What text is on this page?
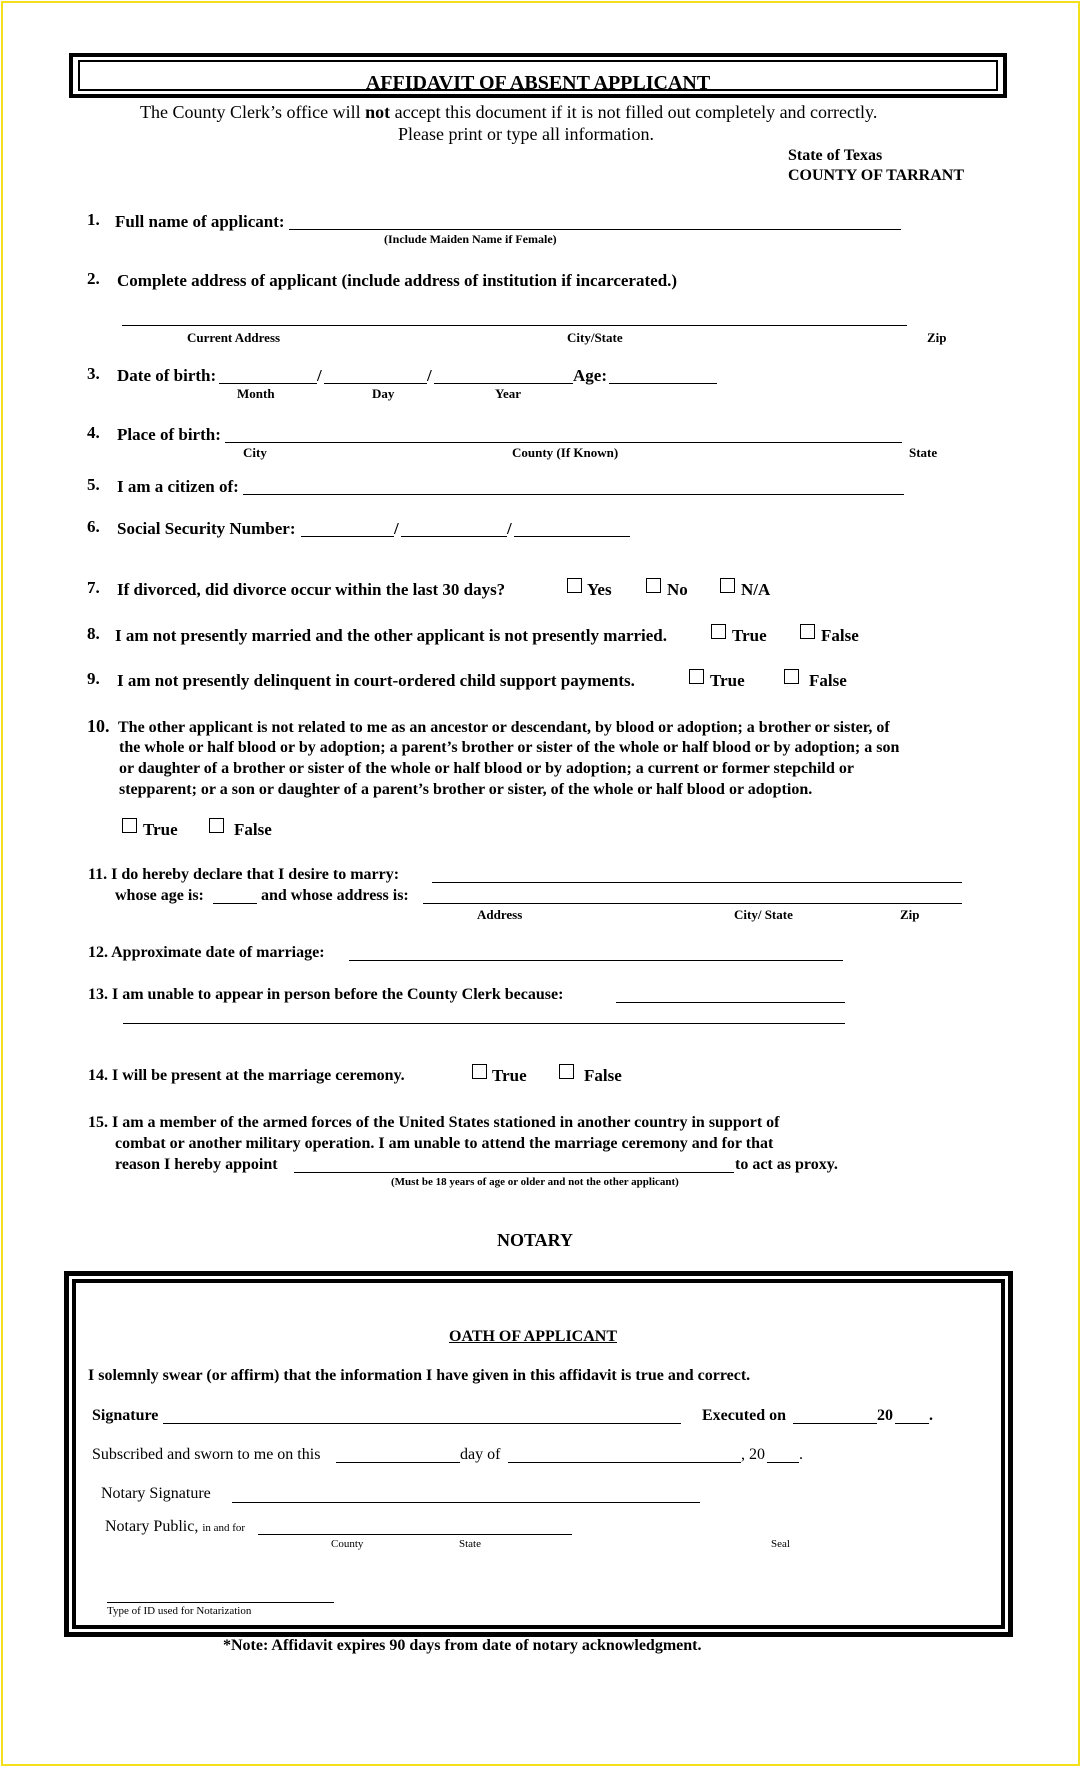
AFFIDAVIT OF ABSENT APPLICANT
The County Clerk’s office will not accept this document if it is not filled out completely and correctly.
Please print or type all information.
State of Texas
COUNTY OF TARRANT
1. Full name of applicant:
(Include Maiden Name if Female)
2. Complete address of applicant (include address of institution if incarcerated.)
Current Address	City/State	Zip
3. Date of birth:	/	/	Age:
Month	Day	Year
4. Place of birth:
City	County (If Known)	State
5. I am a citizen of:
6. Social Security Number:	/	/
7. If divorced, did divorce occur within the last 30 days?	Yes	No	N/A
8. I am not presently married and the other applicant is not presently married.	True	False
9. I am not presently delinquent in court-ordered child support payments.	True	False
10. The other applicant is not related to me as an ancestor or descendant, by blood or adoption; a brother or sister, of
the whole or half blood or by adoption; a parent’s brother or sister of the whole or half blood or by adoption; a son
or daughter of a brother or sister of the whole or half blood or by adoption; a current or former stepchild or
stepparent; or a son or daughter of a parent’s brother or sister, of the whole or half blood or adoption.
True	False
11. I do hereby declare that I desire to marry:
whose age is:	and whose address is:
Address	City/ State	Zip
12. Approximate date of marriage:
13. I am unable to appear in person before the County Clerk because:
14. I will be present at the marriage ceremony.	True	False
15. I am a member of the armed forces of the United States stationed in another country in support of
combat or another military operation. I am unable to attend the marriage ceremony and for that
reason I hereby appoint	to act as proxy.
(Must be 18 years of age or older and not the other applicant)
NOTARY
OATH OF APPLICANT
I solemnly swear (or affirm) that the information I have given in this affidavit is true and correct.
Signature	Executed on	20 .
Subscribed and sworn to me on this	day of	, 20 .
Notary Signature
Notary Public, in and for
County	State	Seal
Type of ID used for Notarization
*Note: Affidavit expires 90 days from date of notary acknowledgment.
